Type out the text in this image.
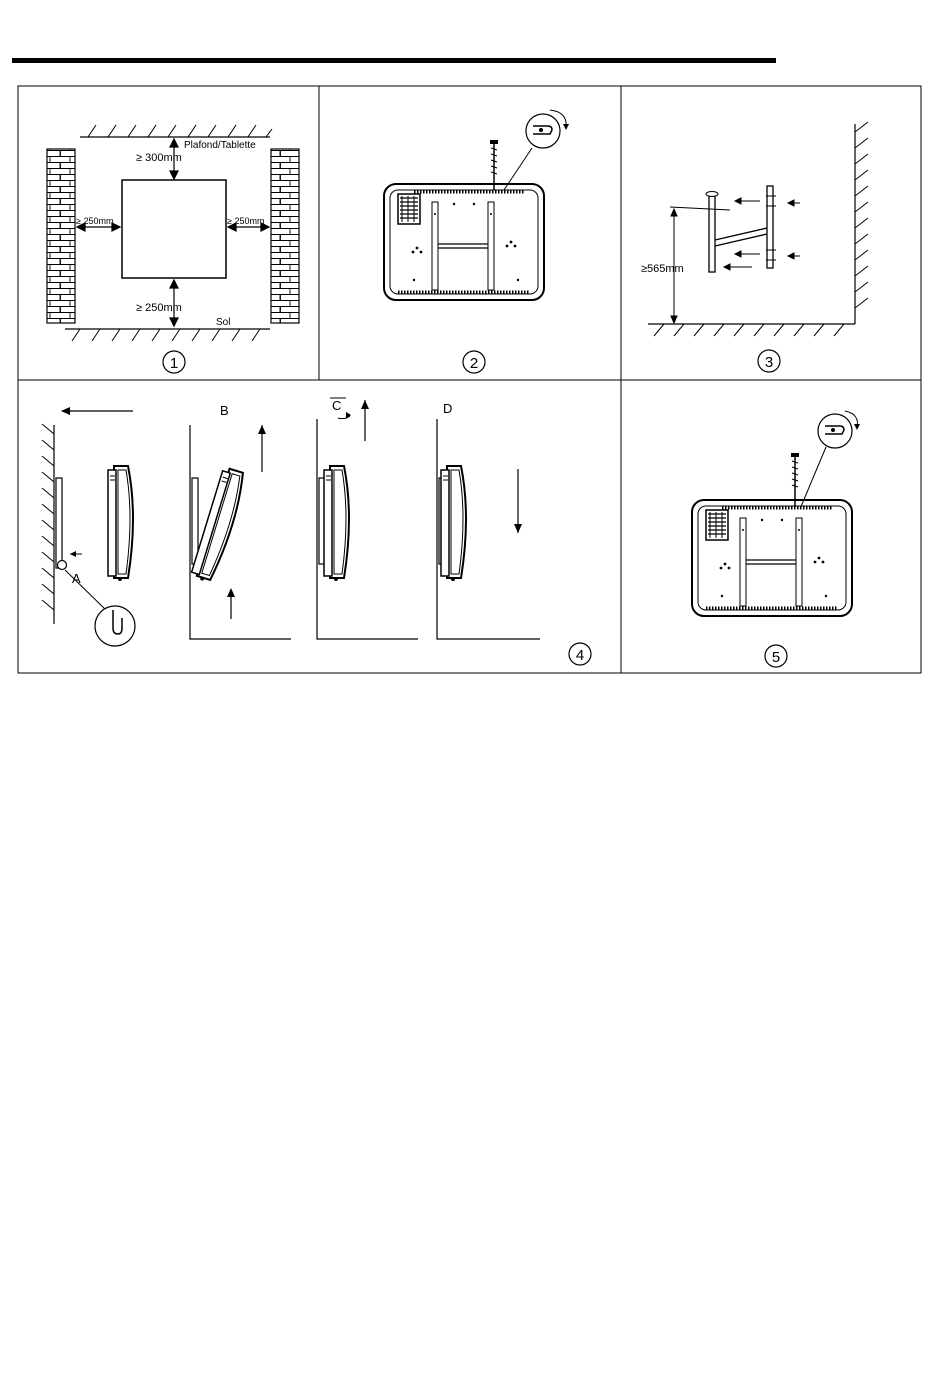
Plafond/Tablette
≥ 300mm
≥ 250mm	≥ 250mm
≥ 250mm
Sol
1	2
≥565mm
3
A
B	C	D
4	5
